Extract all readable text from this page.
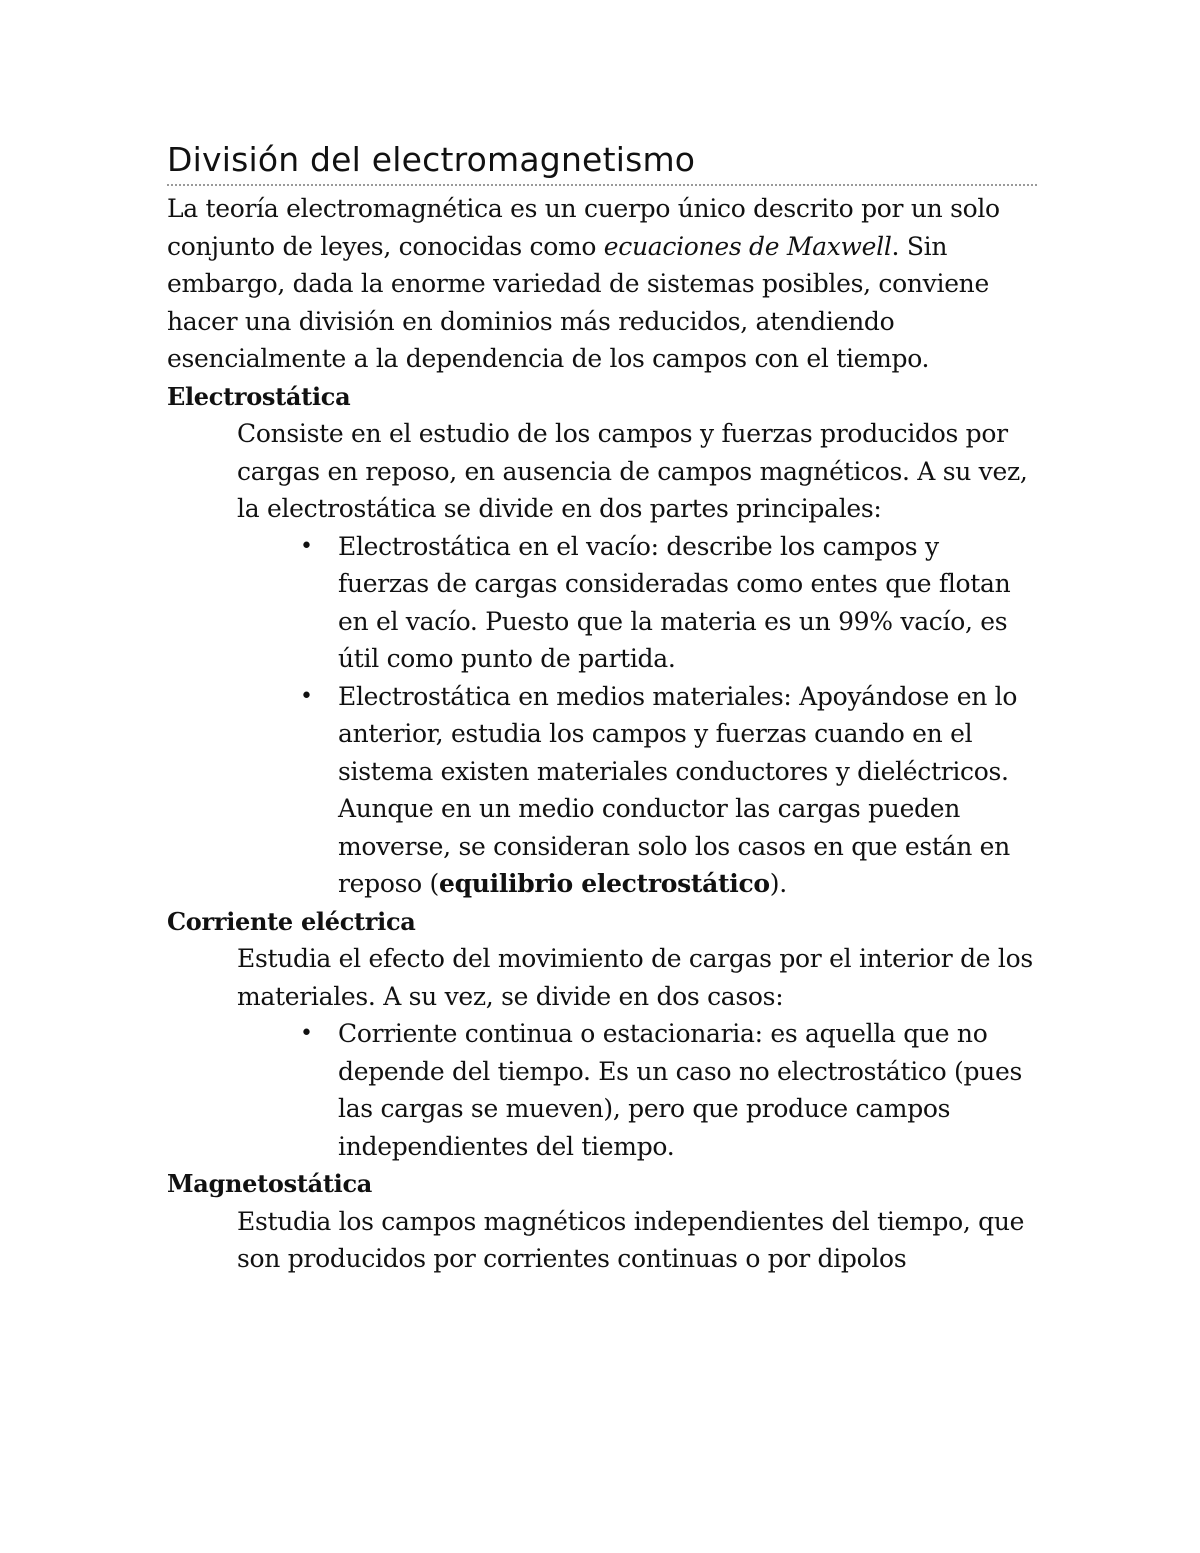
División del electromagnetismo

La teoría electromagnética es un cuerpo único descrito por un solo conjunto de leyes, conocidas como ecuaciones de Maxwell. Sin embargo, dada la enorme variedad de sistemas posibles, conviene hacer una división en dominios más reducidos, atendiendo esencialmente a la dependencia de los campos con el tiempo.

Electrostática

Consiste en el estudio de los campos y fuerzas producidos por cargas en reposo, en ausencia de campos magnéticos. A su vez, la electrostática se divide en dos partes principales:

• Electrostática en el vacío: describe los campos y fuerzas de cargas consideradas como entes que flotan en el vacío. Puesto que la materia es un 99% vacío, es útil como punto de partida.
• Electrostática en medios materiales: Apoyándose en lo anterior, estudia los campos y fuerzas cuando en el sistema existen materiales conductores y dieléctricos. Aunque en un medio conductor las cargas pueden moverse, se consideran solo los casos en que están en reposo (equilibrio electrostático).

Corriente eléctrica

Estudia el efecto del movimiento de cargas por el interior de los materiales. A su vez, se divide en dos casos:

• Corriente continua o estacionaria: es aquella que no depende del tiempo. Es un caso no electrostático (pues las cargas se mueven), pero que produce campos independientes del tiempo.

Magnetostática

Estudia los campos magnéticos independientes del tiempo, que son producidos por corrientes continuas o por dipolos
